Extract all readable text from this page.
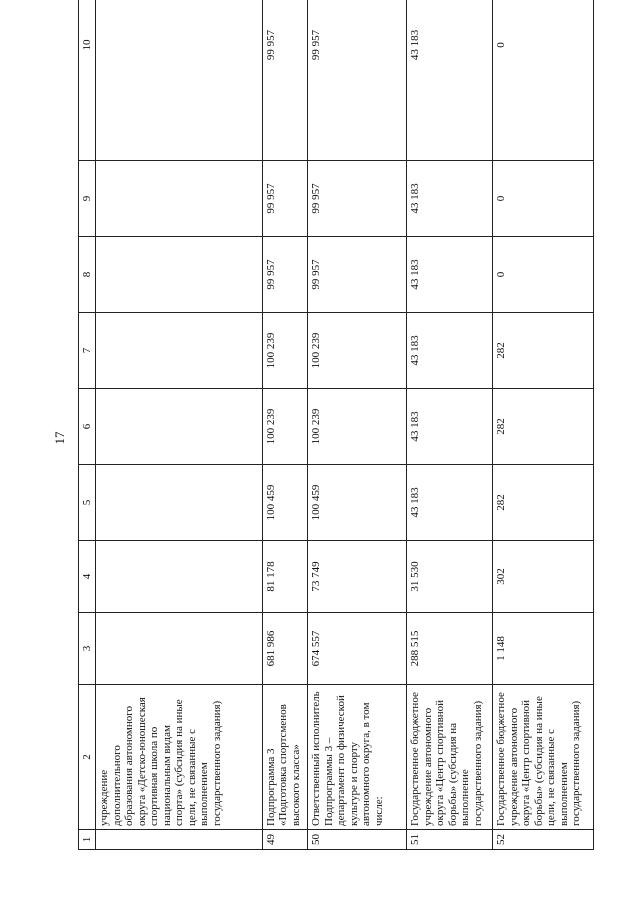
17
1	2	3	4	5	6	7	8	9	10
	учреждение дополнительного образования автономного округа «Детско-юношеская спортивная школа по национальным видам спорта» (субсидия на иные цели, не связанные с выполнением государственного задания)								
49	Подпрограмма 3 «Подготовка спортсменов высокого класса»	681 986	81 178	100 459	100 239	100 239	99 957	99 957	99 957
50	Ответственный исполнитель Подпрограммы 3 – департамент по физической культуре и спорту автономного округа, в том числе:	674 557	73 749	100 459	100 239	100 239	99 957	99 957	99 957
51	Государственное бюджетное учреждение автономного округа «Центр спортивной борьбы» (субсидия на выполнение государственного задания)	288 515	31 530	43 183	43 183	43 183	43 183	43 183	43 183
52	Государственное бюджетное учреждение автономного округа «Центр спортивной борьбы» (субсидия на иные цели, не связанные с выполнением государственного задания)	1 148	302	282	282	282	0	0	0
